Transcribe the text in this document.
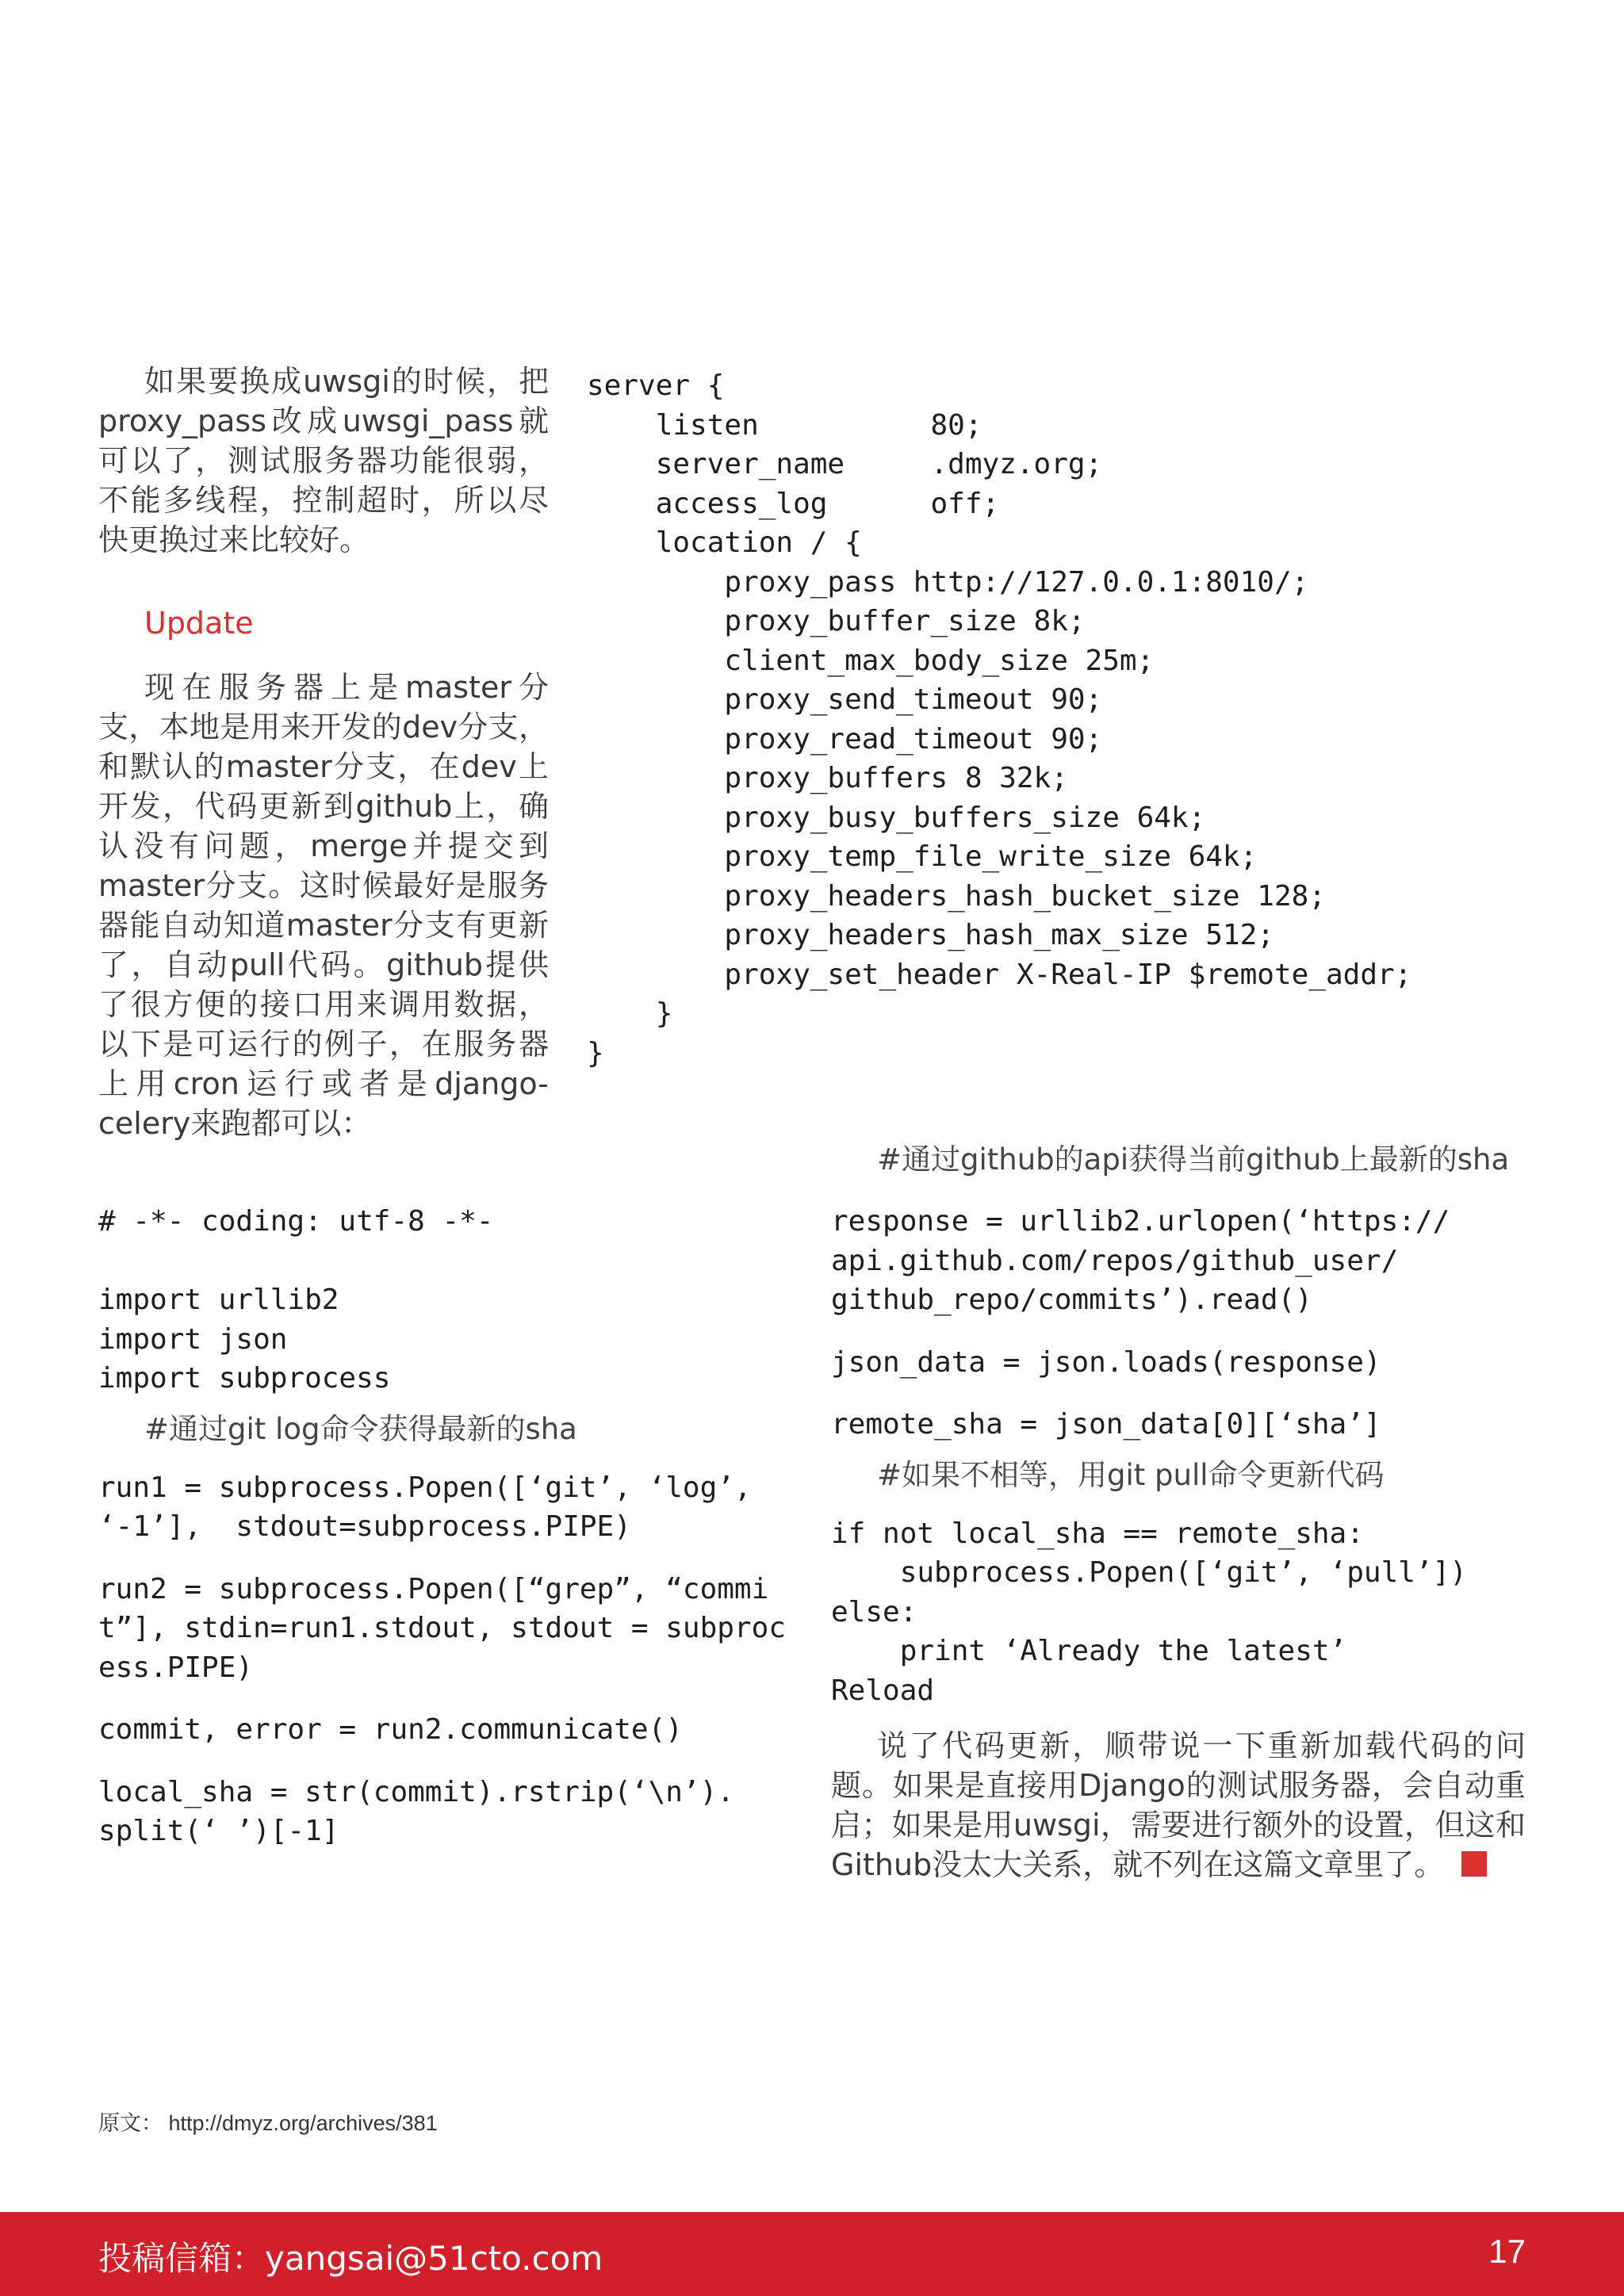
如果要换成uwsgi的时候，把proxy_pass改成uwsgi_pass就可以了，测试服务器功能很弱，不能多线程，控制超时，所以尽快更换过来比较好。

Update

现在服务器上是master分支，本地是用来开发的dev分支，和默认的master分支，在dev上开发，代码更新到github上，确认没有问题，merge并提交到master分支。这时候最好是服务器能自动知道master分支有更新了，自动pull代码。github提供了很方便的接口用来调用数据，以下是可运行的例子，在服务器上用cron运行或者是django-celery来跑都可以：

server {
listen          80;
server_name     .dmyz.org;
access_log      off;
location / {
proxy_pass http://127.0.0.1:8010/;
proxy_buffer_size 8k;
client_max_body_size 25m;
proxy_send_timeout 90;
proxy_read_timeout 90;
proxy_buffers 8 32k;
proxy_busy_buffers_size 64k;
proxy_temp_file_write_size 64k;
proxy_headers_hash_bucket_size 128;
proxy_headers_hash_max_size 512;
proxy_set_header X-Real-IP $remote_addr;
}
}
# -*- coding: utf-8 -*-

import urllib2
import json
import subprocess

#通过git log命令获得最新的sha

run1 = subprocess.Popen([‘git’, ‘log’, ‘-1’],  stdout=subprocess.PIPE)

run2 = subprocess.Popen([“grep”, “commit”], stdin=run1.stdout, stdout = subprocess.PIPE)

commit, error = run2.communicate()

local_sha = str(commit).rstrip(‘\n’).
split(‘ ’)[-1]

#通过github的api获得当前github上最新的sha

response = urllib2.urlopen(‘https://
api.github.com/repos/github_user/
github_repo/commits’).read()

json_data = json.loads(response)

remote_sha = json_data[0][‘sha’]

#如果不相等，用git pull命令更新代码

if not local_sha == remote_sha:
subprocess.Popen([‘git’, ‘pull’])
else:
print ‘Already the latest’
Reload

说了代码更新，顺带说一下重新加载代码的问题。如果是直接用Django的测试服务器，会自动重启；如果是用uwsgi，需要进行额外的设置，但这和Github没太大关系，就不列在这篇文章里了。

原文： http://dmyz.org/archives/381
投稿信箱：yangsai@51cto.com	17
